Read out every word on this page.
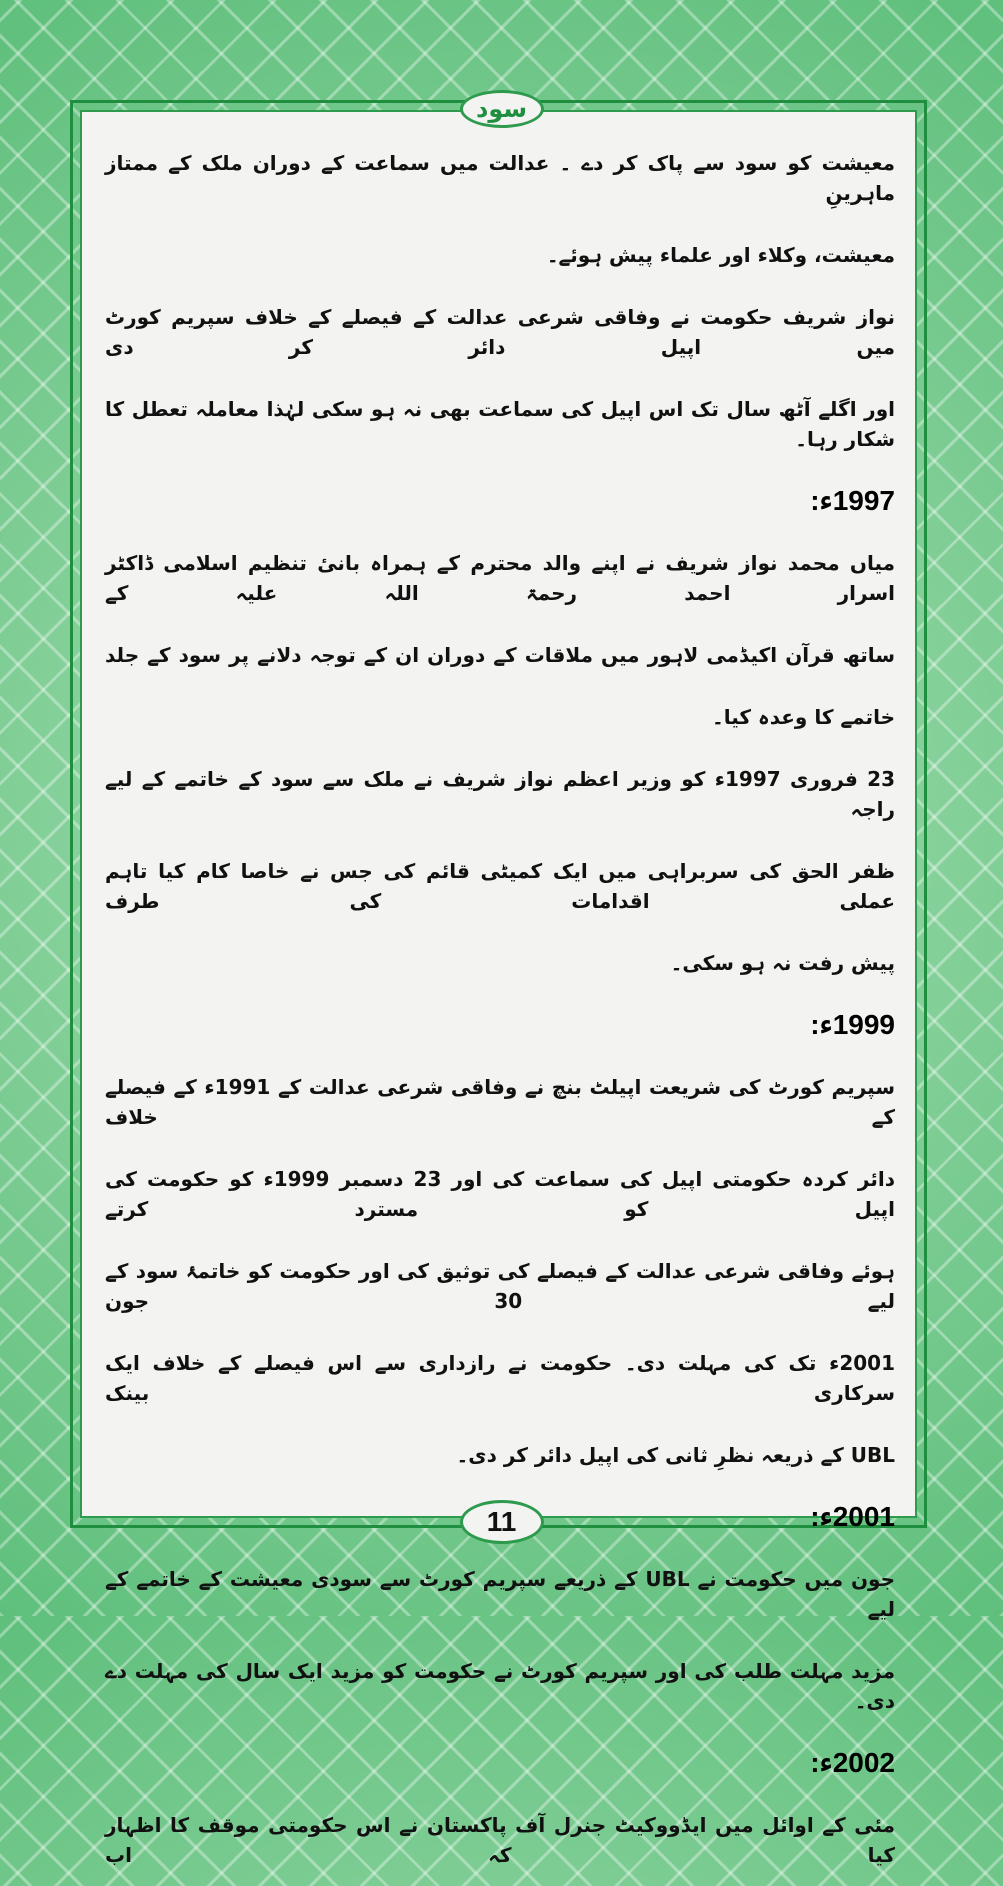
سود
معیشت کو سود سے پاک کر دے ۔ عدالت میں سماعت کے دوران ملک کے ممتاز ماہرینِ
معیشت، وکلاء اور علماء پیش ہوئے۔
نواز شریف حکومت نے وفاقی شرعی عدالت کے فیصلے کے خلاف سپریم کورٹ میں اپیل دائر کر دی
اور اگلے آٹھ سال تک اس اپیل کی سماعت بھی نہ ہو سکی لہٰذا معاملہ تعطل کا شکار رہا۔
1997ء:
میاں محمد نواز شریف نے اپنے والد محترم کے ہمراہ بانیٔ تنظیم اسلامی ڈاکٹر اسرار احمد رحمۃ اللہ علیہ کے
ساتھ قرآن اکیڈمی لاہور میں ملاقات کے دوران ان کے توجہ دلانے پر سود کے جلد
خاتمے کا وعدہ کیا۔
23 فروری 1997ء کو وزیر اعظم نواز شریف نے ملک سے سود کے خاتمے کے لیے راجہ
ظفر الحق کی سربراہی میں ایک کمیٹی قائم کی جس نے خاصا کام کیا تاہم عملی اقدامات کی طرف
پیش رفت نہ ہو سکی۔
1999ء:
سپریم کورٹ کی شریعت اپیلٹ بنچ نے وفاقی شرعی عدالت کے 1991ء کے فیصلے کے خلاف
دائر کردہ حکومتی اپیل کی سماعت کی اور 23 دسمبر 1999ء کو حکومت کی اپیل کو مسترد کرتے
ہوئے وفاقی شرعی عدالت کے فیصلے کی توثیق کی اور حکومت کو خاتمۂ سود کے لیے 30 جون
2001ء تک کی مہلت دی۔ حکومت نے رازداری سے اس فیصلے کے خلاف ایک سرکاری بینک
UBL کے ذریعہ نظرِ ثانی کی اپیل دائر کر دی۔
2001ء:
جون میں حکومت نے UBL کے ذریعے سپریم کورٹ سے سودی معیشت کے خاتمے کے لیے
مزید مہلت طلب کی اور سپریم کورٹ نے حکومت کو مزید ایک سال کی مہلت دے دی۔
2002ء:
مئی کے اوائل میں ایڈووکیٹ جنرل آف پاکستان نے اس حکومتی موقف کا اظہار کیا کہ اب
11
